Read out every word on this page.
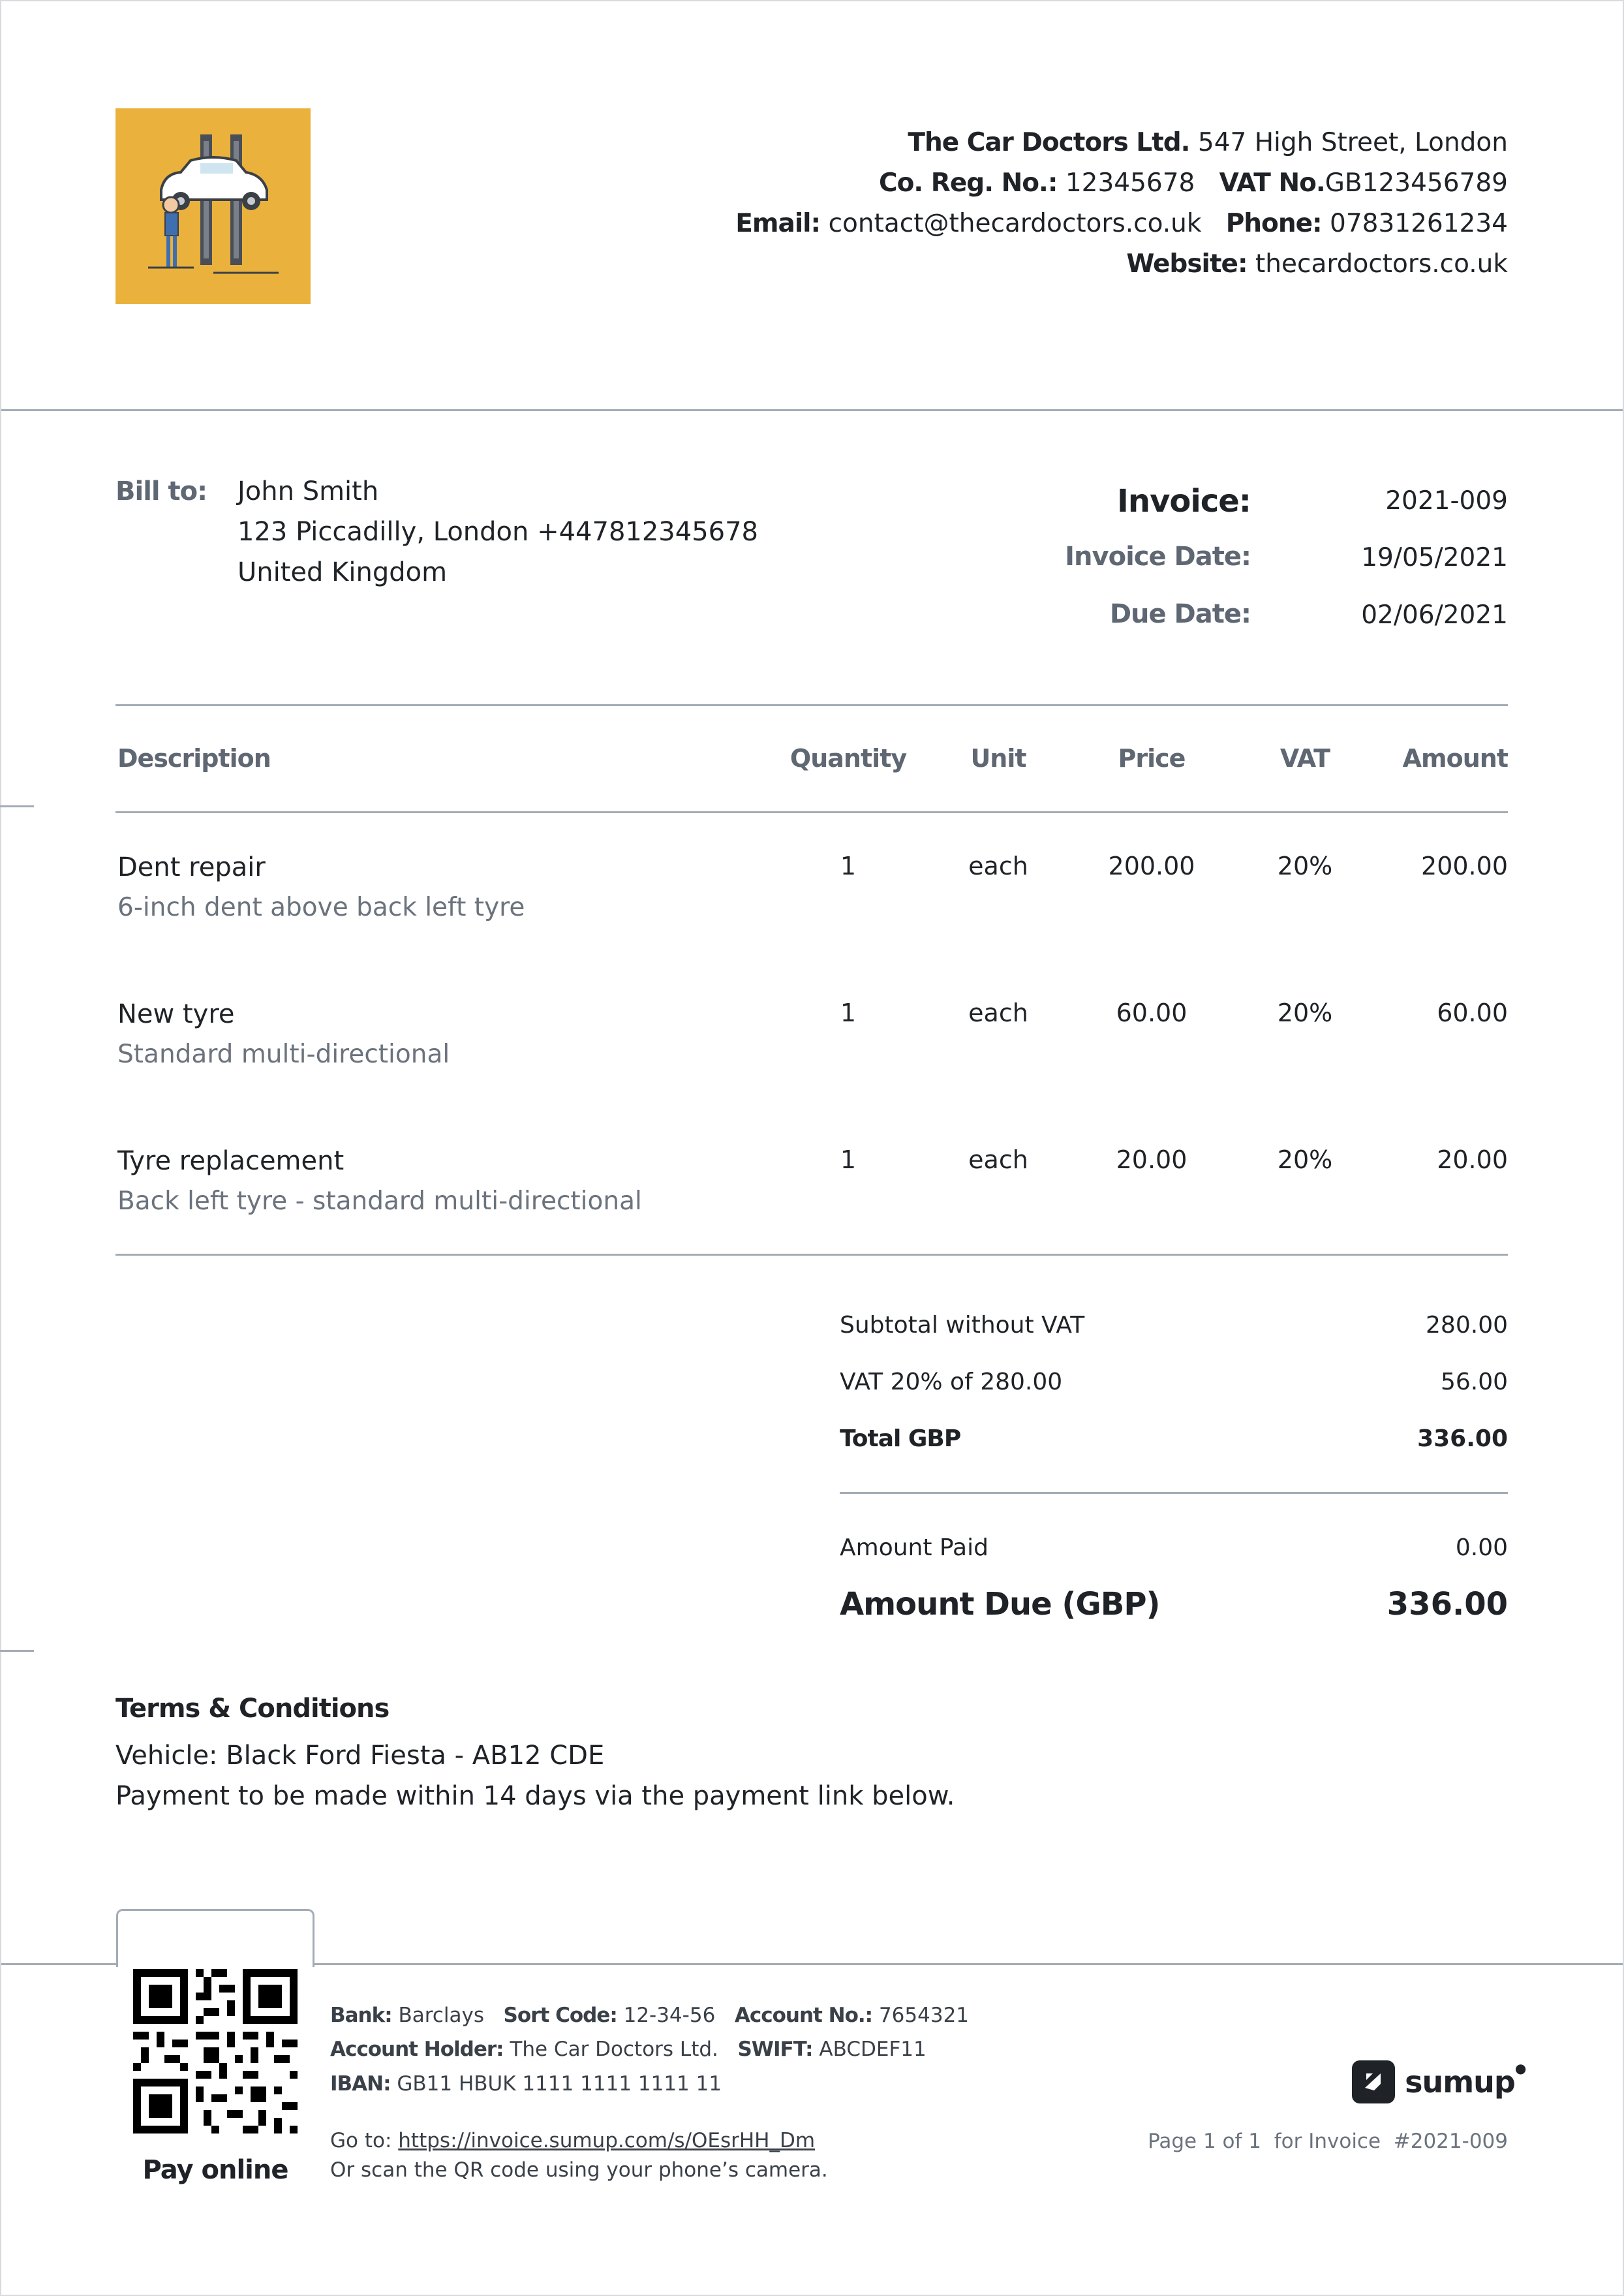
The Car Doctors Ltd. 547 High Street, London
Co. Reg. No.: 12345678 VAT No.GB123456789
Email: contact@thecardoctors.co.uk Phone: 07831261234
Website: thecardoctors.co.uk
Bill to: John Smith
123 Piccadilly, London +447812345678
United Kingdom
Invoice:	2021-009
Invoice Date:	19/05/2021
Due Date:	02/06/2021
Description	Quantity	Unit	Price	VAT	Amount
Dent repair
6-inch dent above back left tyre
1	each	200.00	20%	200.00
New tyre
Standard multi-directional
1	each	60.00	20%	60.00
Tyre replacement
Back left tyre - standard multi-directional
1	each	20.00	20%	20.00
Subtotal without VAT	280.00
VAT 20% of 280.00	56.00
Total GBP	336.00
Amount Paid	0.00
Amount Due (GBP)	336.00
Terms & Conditions
Vehicle: Black Ford Fiesta - AB12 CDE
Payment to be made within 14 days via the payment link below.
Pay online
Bank: Barclays Sort Code: 12-34-56 Account No.: 7654321
Account Holder: The Car Doctors Ltd. SWIFT: ABCDEF11
IBAN: GB11 HBUK 1111 1111 1111 11
Go to: https://invoice.sumup.com/s/OEsrHH_Dm
Or scan the QR code using your phone’s camera.
sumup●
Page 1 of 1 for Invoice #2021-009
